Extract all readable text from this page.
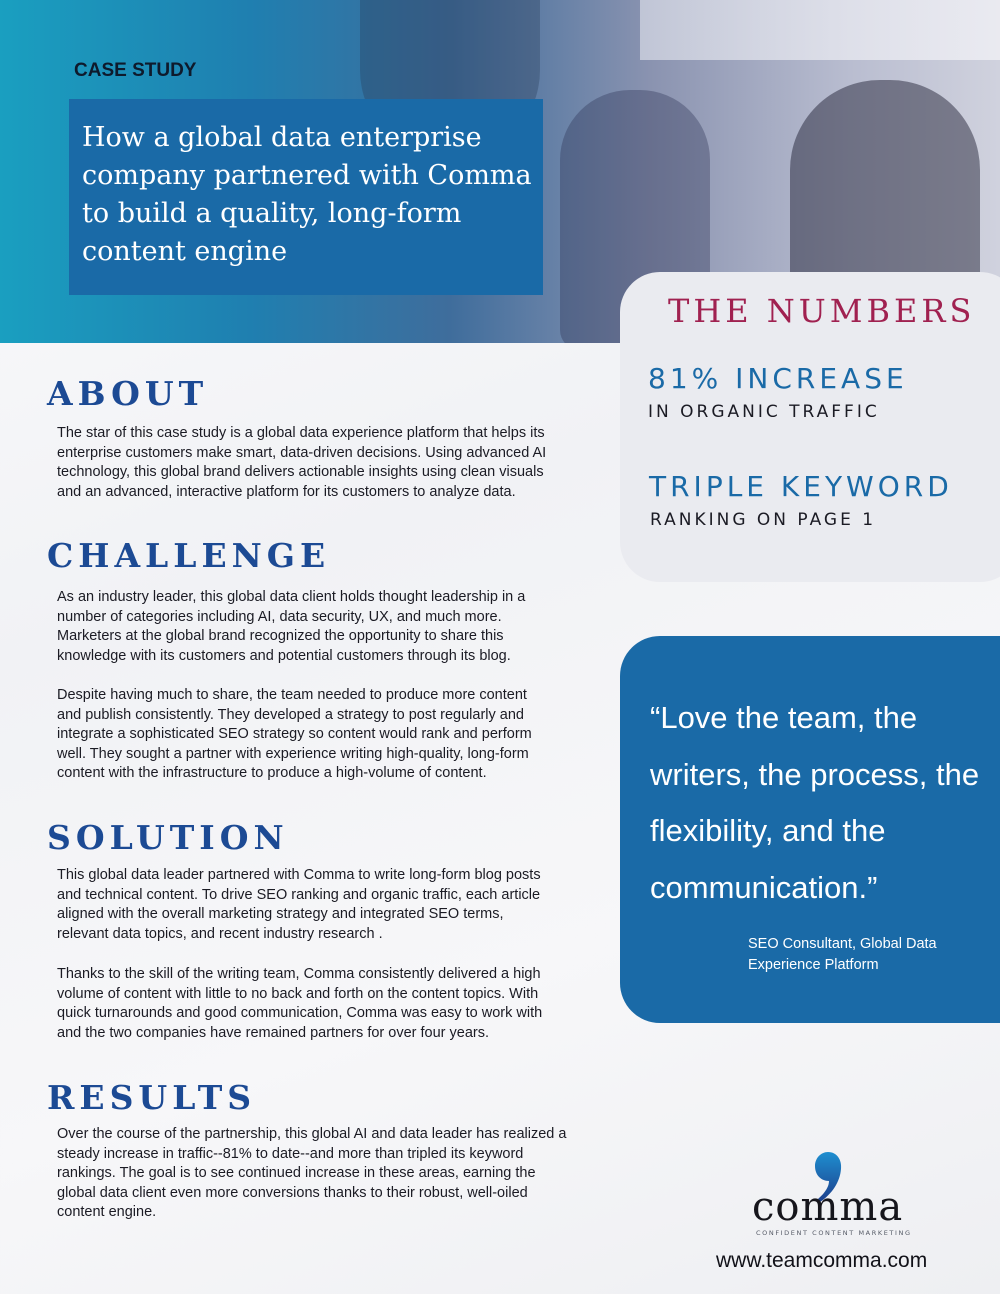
CASE STUDY

How a global data enterprise company partnered with Comma to build a quality, long-form content engine
THE NUMBERS

81% INCREASE

IN ORGANIC TRAFFIC

TRIPLE KEYWORD

RANKING ON PAGE 1

ABOUT

The star of this case study is a global data experience platform that helps its enterprise customers make smart, data-driven decisions. Using advanced AI technology, this global brand delivers actionable insights using clean visuals and an advanced, interactive platform for its customers to analyze data.

CHALLENGE

As an industry leader, this global data client holds thought leadership in a number of categories including AI, data security, UX, and much more. Marketers at the global brand recognized the opportunity to share this knowledge with its customers and potential customers through its blog.

Despite having much to share, the team needed to produce more content and publish consistently. They developed a strategy to post regularly and integrate a sophisticated SEO strategy so content would rank and perform well. They sought a partner with experience writing high-quality, long-form content with the infrastructure to produce a high-volume of content.

SOLUTION

This global data leader partnered with Comma to write long-form blog posts and technical content. To drive SEO ranking and organic traffic, each article aligned with the overall marketing strategy and integrated SEO terms, relevant data topics, and recent industry research .

Thanks to the skill of the writing team, Comma consistently delivered a high volume of content with little to no back and forth on the content topics. With quick turnarounds and good communication, Comma was easy to work with and the two companies have remained partners for over four years.

RESULTS

Over the course of the partnership, this global AI and data leader has realized a steady increase in traffic--81% to date--and more than tripled its keyword rankings. The goal is to see continued increase in these areas, earning the global data client even more conversions thanks to their robust, well-oiled content engine.

“Love the team, the writers, the process, the flexibility, and the communication.”

SEO Consultant, Global Data Experience Platform

comma

CONFIDENT CONTENT MARKETING

www.teamcomma.com
